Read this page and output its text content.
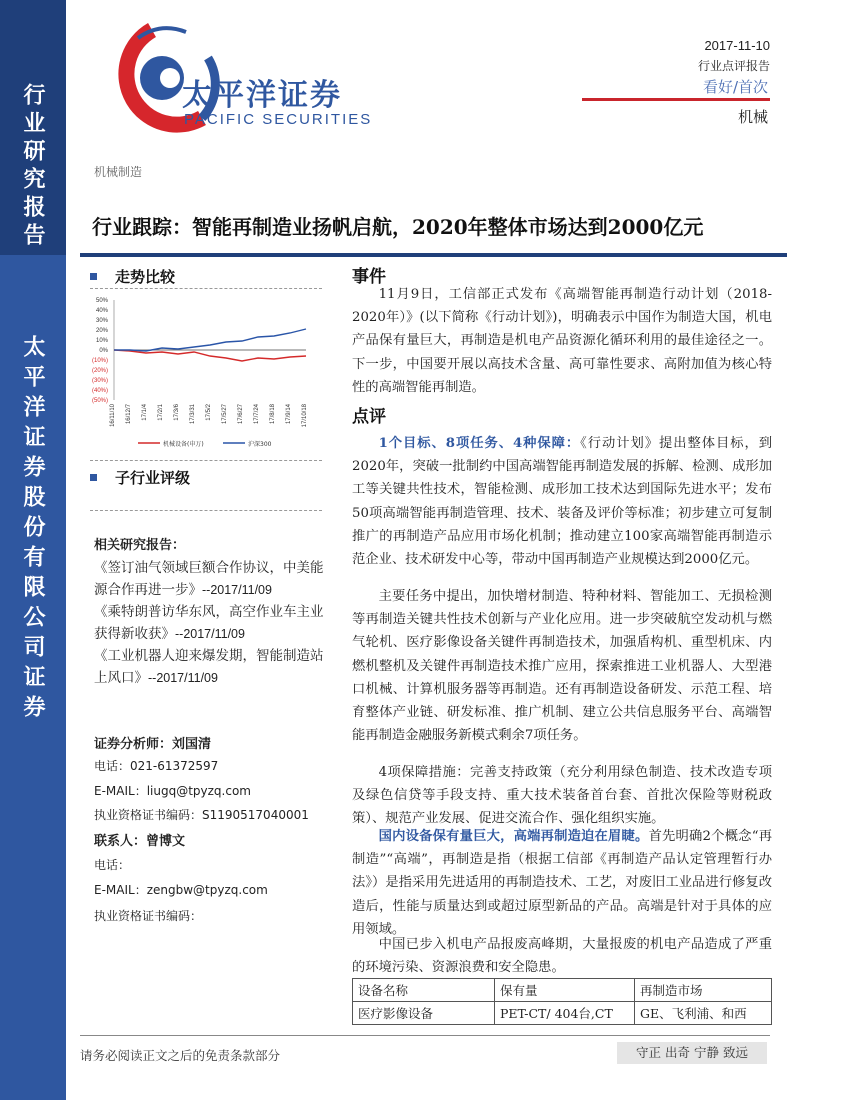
行业研究报告
太平洋证券股份有限公司证券
太平洋证券
PACIFIC SECURITIES
2017-11-10
行业点评报告
看好/首次
机械
机械制造
行业跟踪：智能再制造业扬帆启航，2020年整体市场达到2000亿元
走势比较
50%
40%
30%
20%
10%
0%
(10%)
(20%)
(30%)
(40%)
(50%)
16/11/10 16/12/7 17/1/4 17/2/1 17/3/6 17/3/31 17/5/2 17/5/27 17/6/27 17/7/24 17/8/18 17/9/14 17/10/18
机械设备(申万)	沪深300
子行业评级
相关研究报告：
《签订油气领域巨额合作协议，中美能源合作再进一步》--2017/11/09
《乘特朗普访华东风，高空作业车主业获得新收获》--2017/11/09
《工业机器人迎来爆发期，智能制造站上风口》--2017/11/09
证券分析师：刘国清
电话：021-61372597
E-MAIL：liugq@tpyzq.com
执业资格证书编码：S1190517040001
联系人：曾博文
电话：
E-MAIL：zengbw@tpyzq.com
执业资格证书编码：
事件
11月9日，工信部正式发布《高端智能再制造行动计划（2018-2020年）》(以下简称《行动计划》)，明确表示中国作为制造大国，机电产品保有量巨大，再制造是机电产品资源化循环利用的最佳途径之一。下一步，中国要开展以高技术含量、高可靠性要求、高附加值为核心特性的高端智能再制造。
点评
1个目标、8项任务、4种保障：《行动计划》提出整体目标，到2020年，突破一批制约中国高端智能再制造发展的拆解、检测、成形加工等关键共性技术，智能检测、成形加工技术达到国际先进水平；发布50项高端智能再制造管理、技术、装备及评价等标准；初步建立可复制推广的再制造产品应用市场化机制；推动建立100家高端智能再制造示范企业、技术研发中心等，带动中国再制造产业规模达到2000亿元。
主要任务中提出，加快增材制造、特种材料、智能加工、无损检测等再制造关键共性技术创新与产业化应用。进一步突破航空发动机与燃气轮机、医疗影像设备关键件再制造技术，加强盾构机、重型机床、内燃机整机及关键件再制造技术推广应用，探索推进工业机器人、大型港口机械、计算机服务器等再制造。还有再制造设备研发、示范工程、培育整体产业链、研发标准、推广机制、建立公共信息服务平台、高端智能再制造金融服务新模式剩余7项任务。
4项保障措施：完善支持政策（充分利用绿色制造、技术改造专项及绿色信贷等手段支持、重大技术装备首台套、首批次保险等财税政策）、规范产业发展、促进交流合作、强化组织实施。
国内设备保有量巨大，高端再制造迫在眉睫。首先明确2个概念“再制造”“高端”，再制造是指（根据工信部《再制造产品认定管理暂行办法》）是指采用先进适用的再制造技术、工艺，对废旧工业品进行修复改造后，性能与质量达到或超过原型新品的产品。高端是针对于具体的应用领域。
中国已步入机电产品报废高峰期，大量报废的机电产品造成了严重的环境污染、资源浪费和安全隐患。
设备名称	保有量	再制造市场
医疗影像设备	PET-CT/ 404台,CT	GE、飞利浦、和西
请务必阅读正文之后的免责条款部分	守正 出奇 宁静 致远
